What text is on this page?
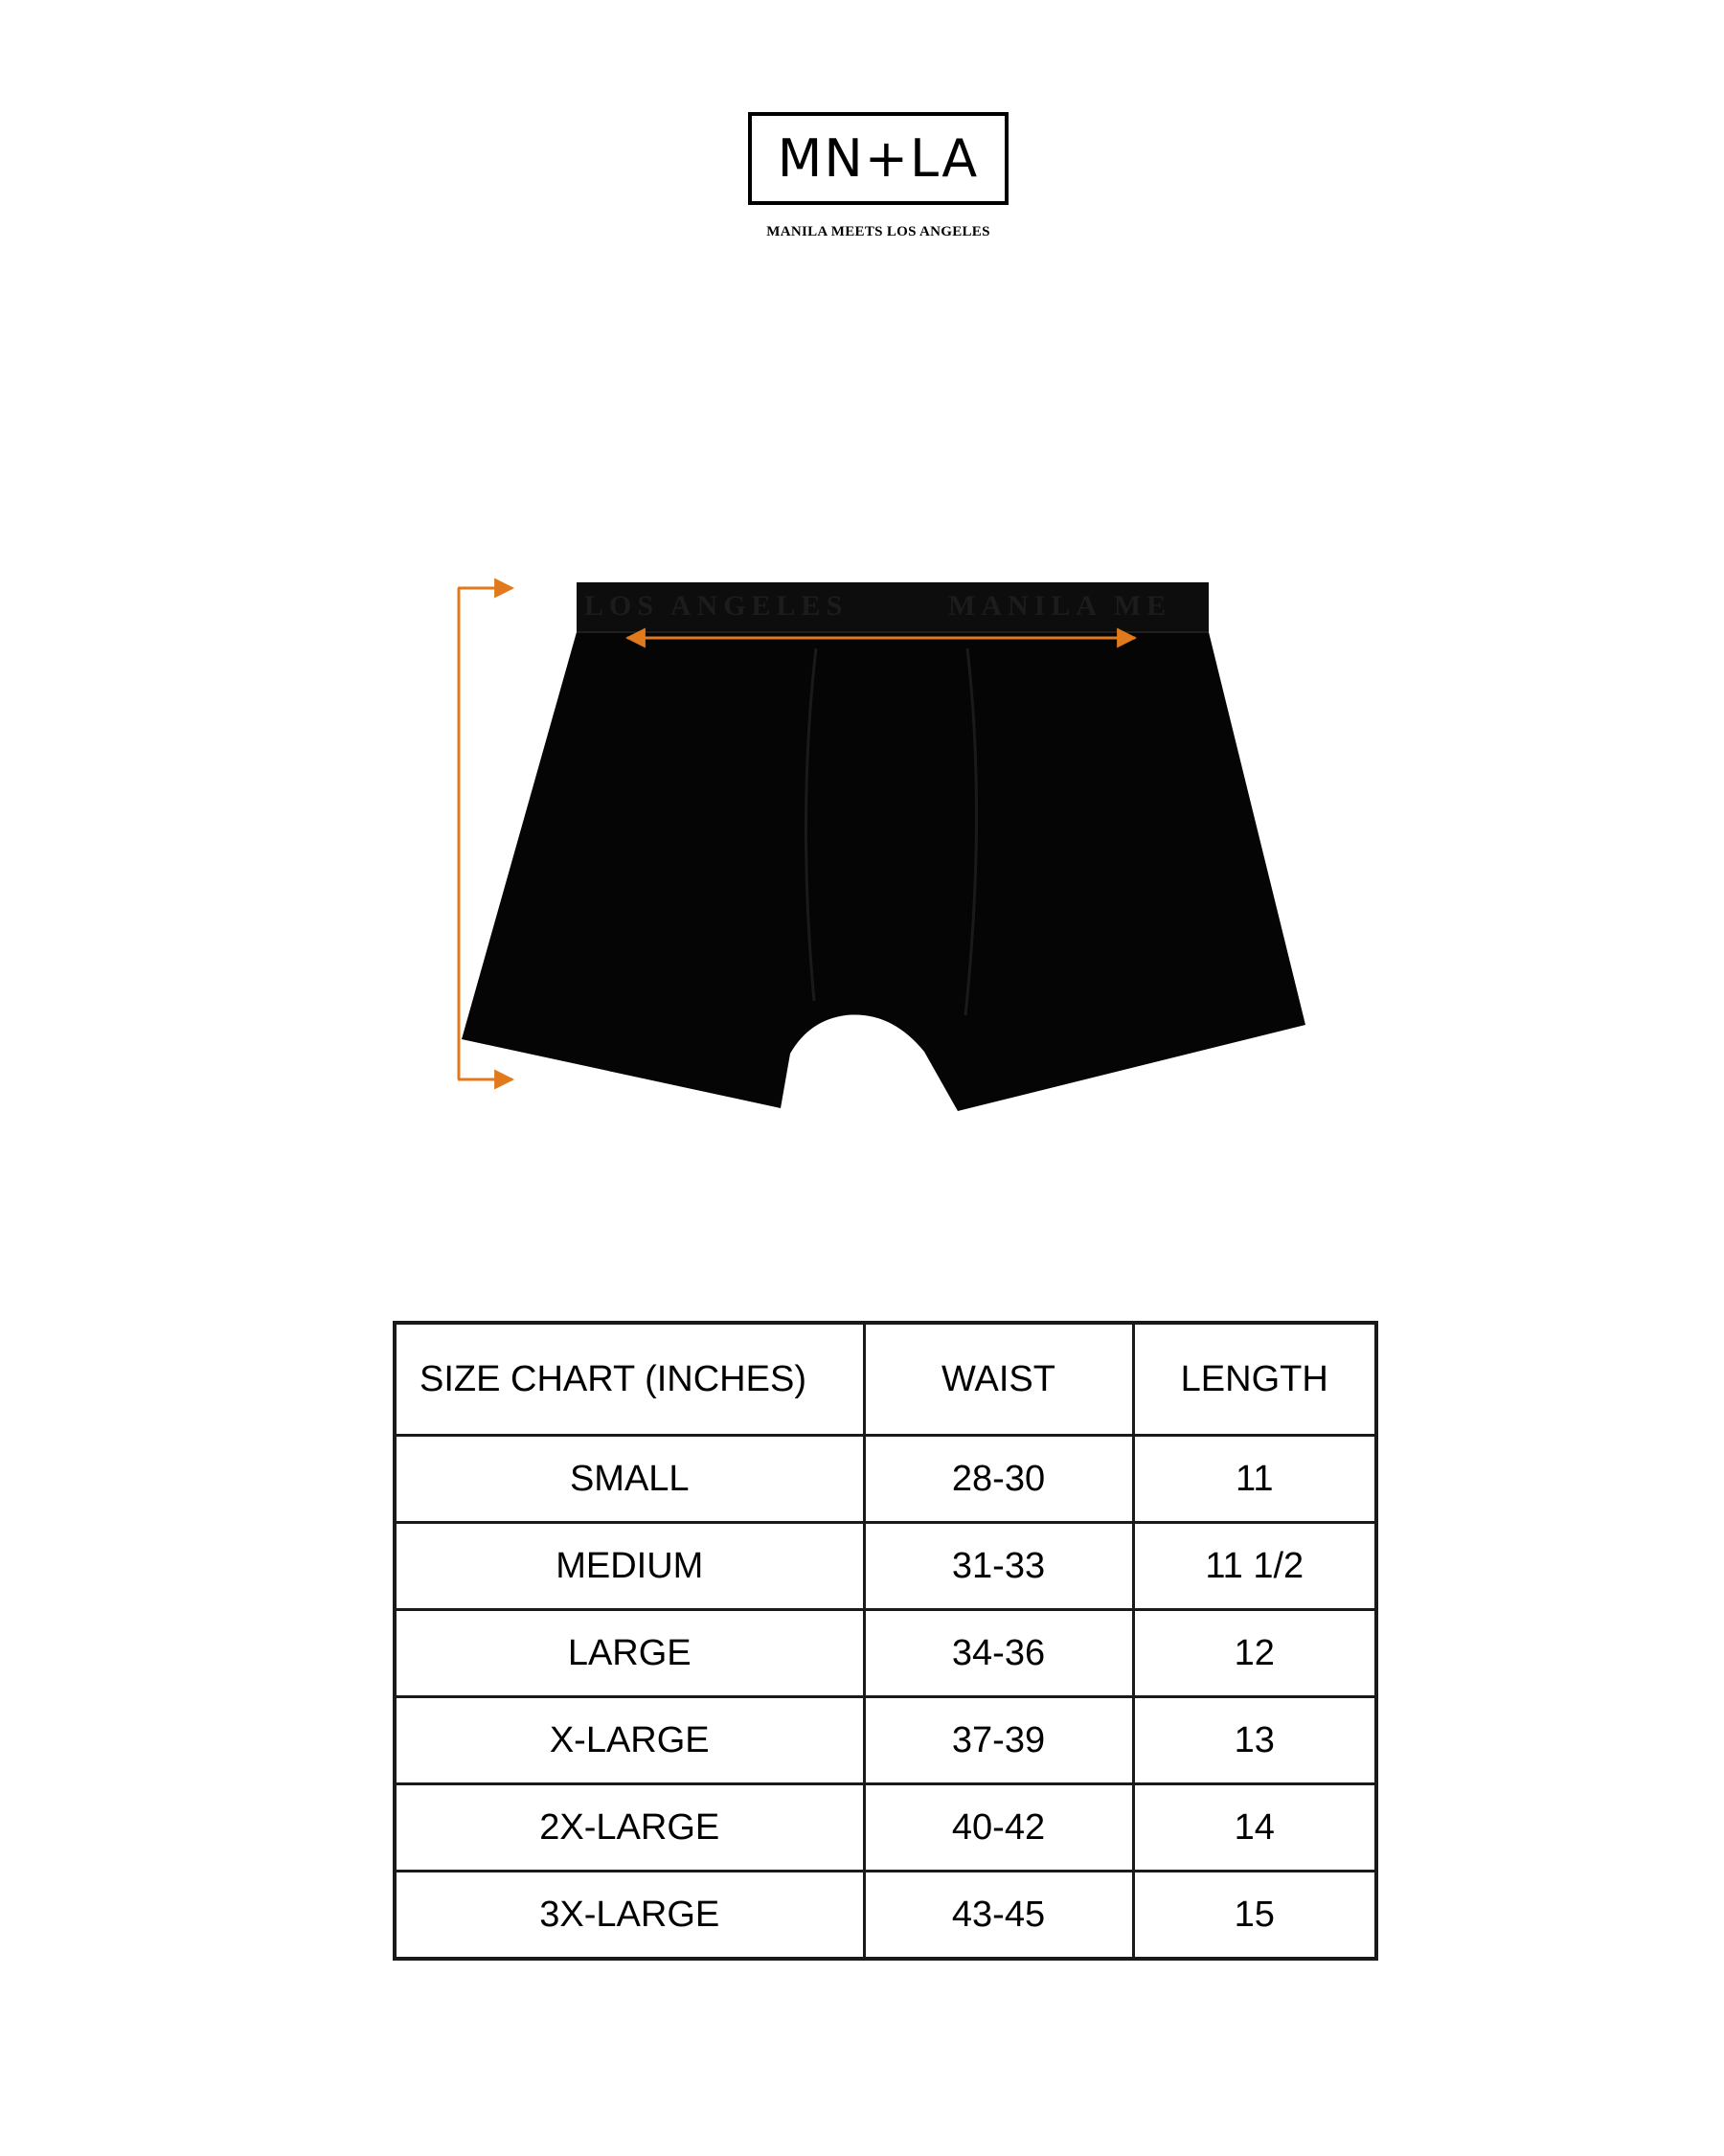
MN+LA
MANILA MEETS LOS ANGELES
LOS ANGELES	MANILA ME
SIZE CHART (INCHES)	WAIST	LENGTH
SMALL	28-30	11
MEDIUM	31-33	11 1/2
LARGE	34-36	12
X-LARGE	37-39	13
2X-LARGE	40-42	14
3X-LARGE	43-45	15
